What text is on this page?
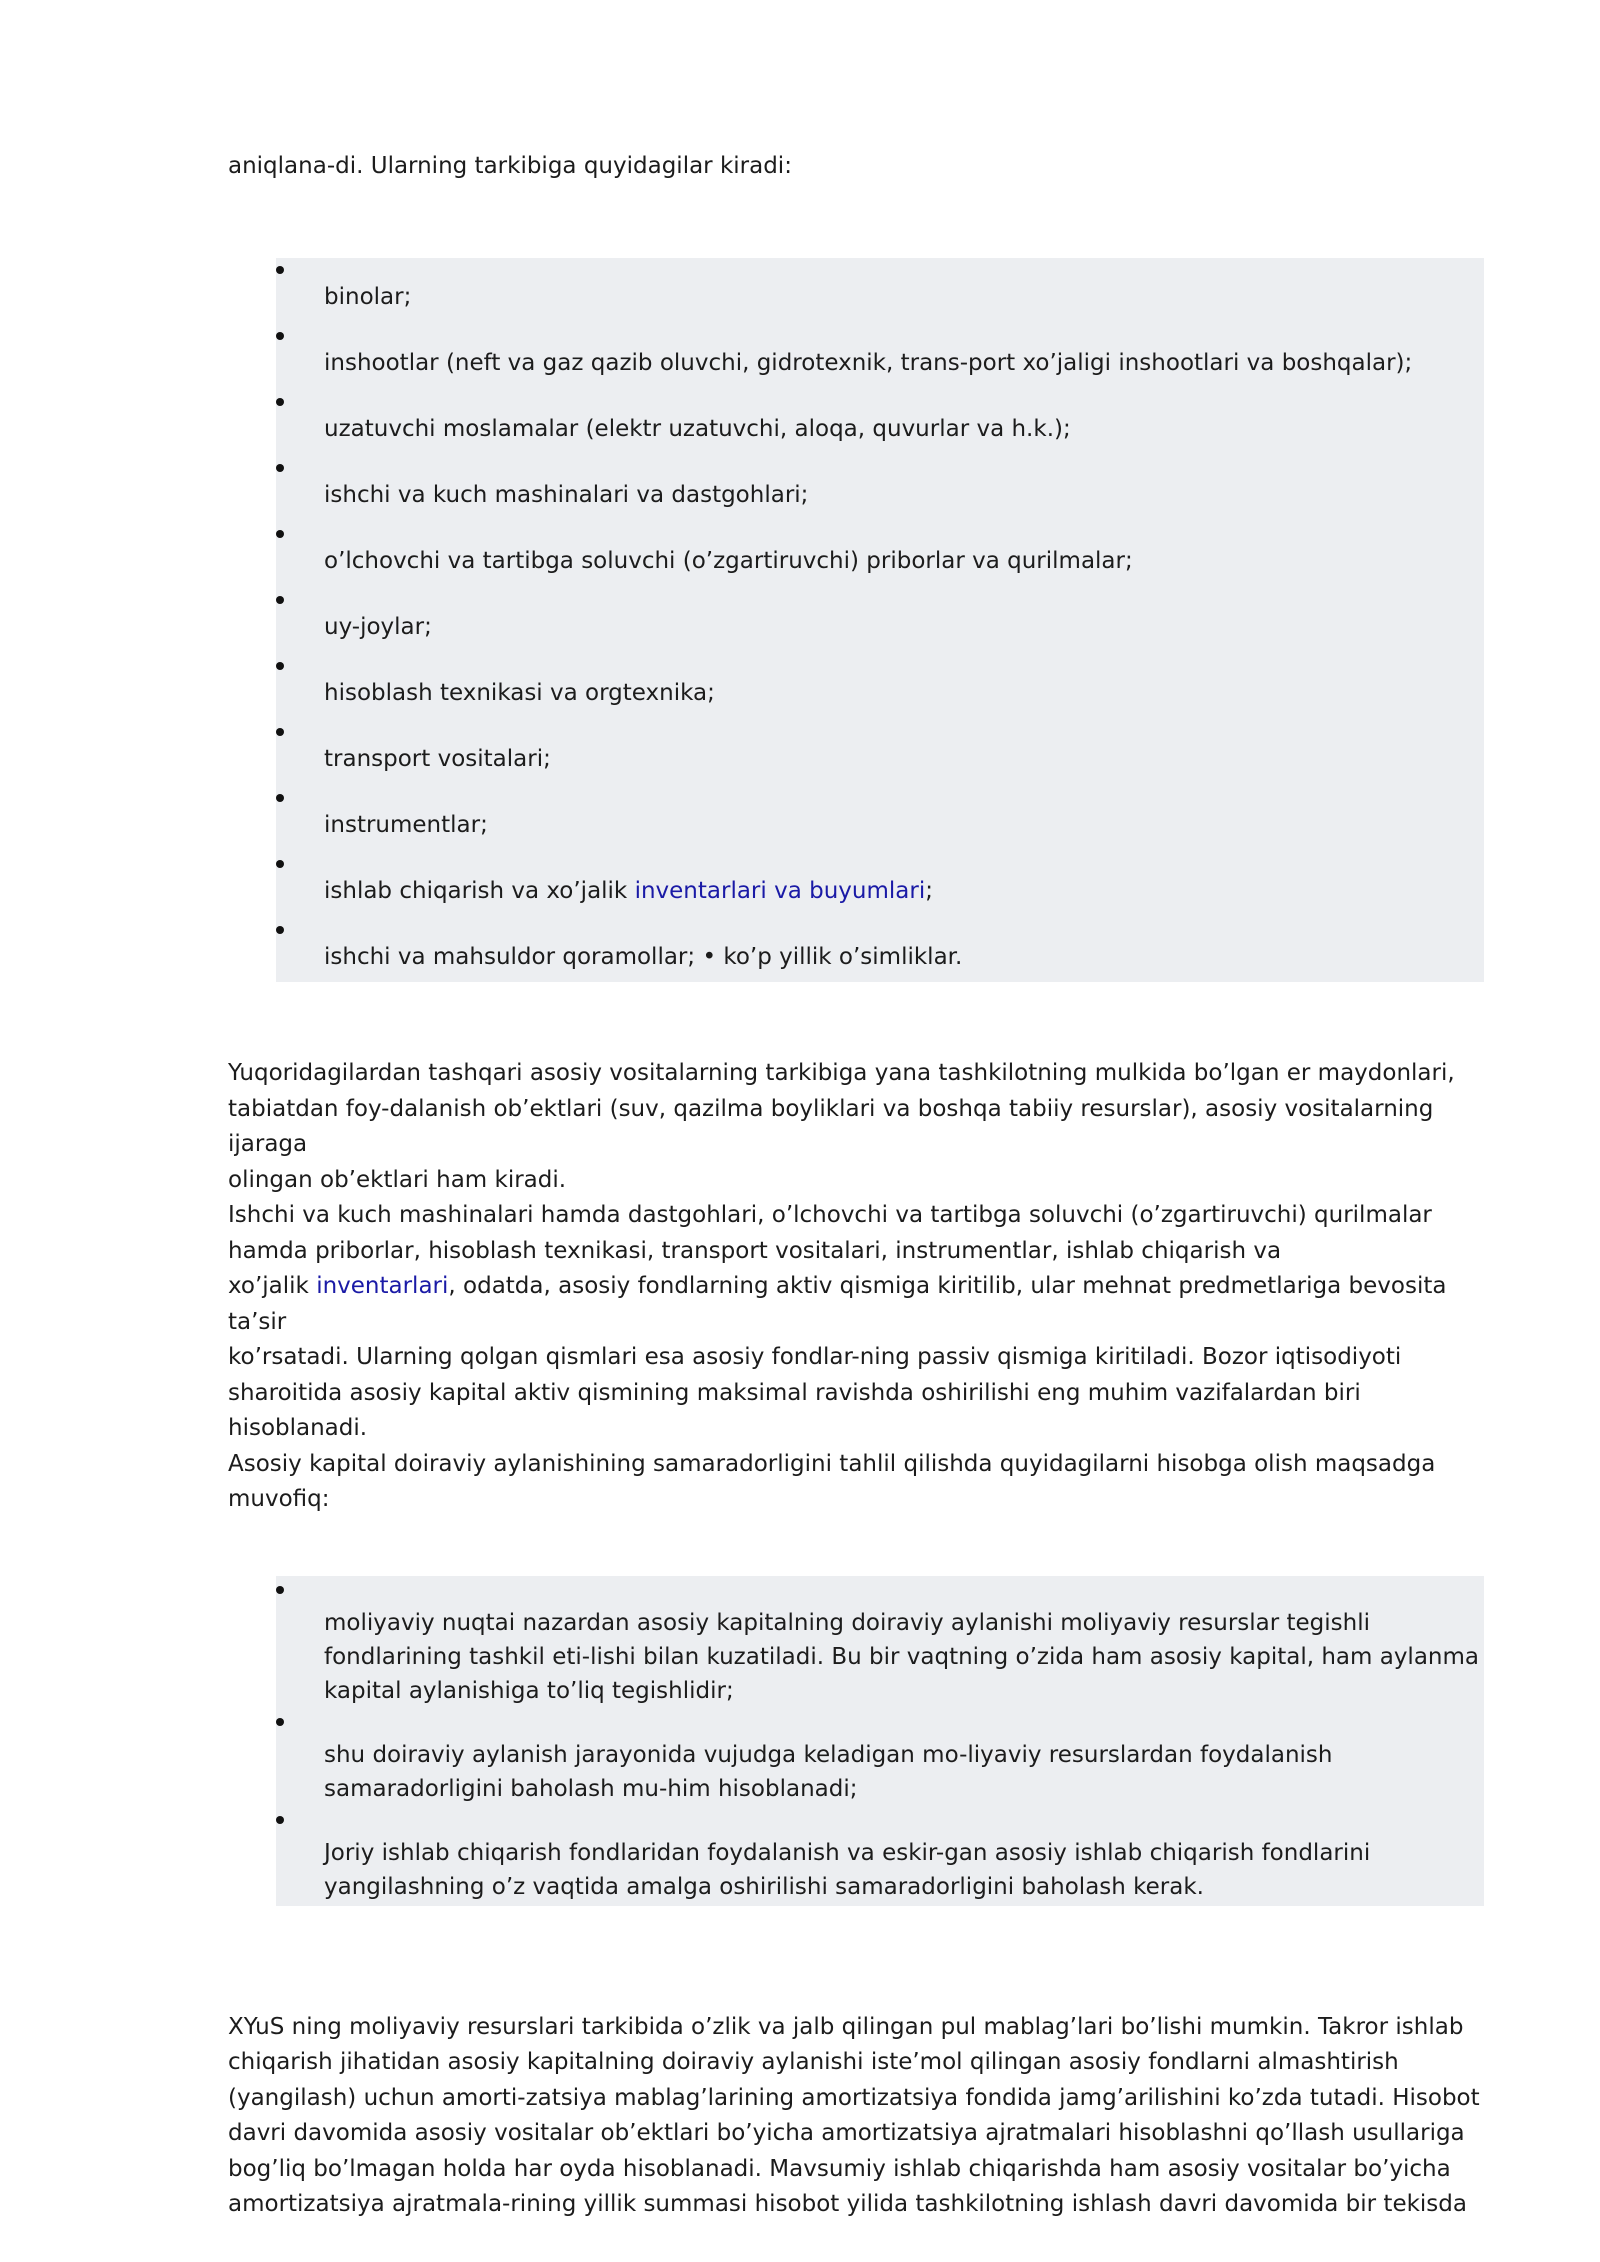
aniqlana-di. Ularning tarkibiga quyidagilar kiradi:

binolar;
inshootlar (neft va gaz qazib oluvchi, gidrotexnik, trans-port xo’jaligi inshootlari va boshqalar);
uzatuvchi moslamalar (elektr uzatuvchi, aloqa, quvurlar va h.k.);
ishchi va kuch mashinalari va dastgohlari;
o’lchovchi va tartibga soluvchi (o’zgartiruvchi) priborlar va qurilmalar;
uy-joylar;
hisoblash texnikasi va orgtexnika;
transport vositalari;
instrumentlar;
ishlab chiqarish va xo’jalik inventarlari va buyumlari;
ishchi va mahsuldor qoramollar; • ko’p yillik o’simliklar.

Yuqoridagilardan tashqari asosiy vositalarning tarkibiga yana tashkilotning mulkida bo’lgan er maydonlari,
tabiatdan foy-dalanish ob’ektlari (suv, qazilma boyliklari va boshqa tabiiy resurslar), asosiy vositalarning ijaraga
olingan ob’ektlari ham kiradi.

Ishchi va kuch mashinalari hamda dastgohlari, o’lchovchi va tartibga soluvchi (o’zgartiruvchi) qurilmalar
hamda priborlar, hisoblash texnikasi, transport vositalari, instrumentlar, ishlab chiqarish va
xo’jalik inventarlari, odatda, asosiy fondlarning aktiv qismiga kiritilib, ular mehnat predmetlariga bevosita ta’sir
ko’rsatadi. Ularning qolgan qismlari esa asosiy fondlar-ning passiv qismiga kiritiladi. Bozor iqtisodiyoti
sharoitida asosiy kapital aktiv qismining maksimal ravishda oshirilishi eng muhim vazifalardan biri hisoblanadi.
Asosiy kapital doiraviy aylanishining samaradorligini tahlil qilishda quyidagilarni hisobga olish maqsadga
muvofiq:

moliyaviy nuqtai nazardan asosiy kapitalning doiraviy aylanishi moliyaviy resurslar tegishli
fondlarining tashkil eti-lishi bilan kuzatiladi. Bu bir vaqtning o’zida ham asosiy kapital, ham aylanma
kapital aylanishiga to’liq tegishlidir;
shu doiraviy aylanish jarayonida vujudga keladigan mo-liyaviy resurslardan foydalanish
samaradorligini baholash mu-him hisoblanadi;
Joriy ishlab chiqarish fondlaridan foydalanish va eskir-gan asosiy ishlab chiqarish fondlarini
yangilashning o’z vaqtida amalga oshirilishi samaradorligini baholash kerak.

XYuS ning moliyaviy resurslari tarkibida o’zlik va jalb qilingan pul mablag’lari bo’lishi mumkin. Takror ishlab
chiqarish jihatidan asosiy kapitalning doiraviy aylanishi iste’mol qilingan asosiy fondlarni almashtirish
(yangilash) uchun amorti-zatsiya mablag’larining amortizatsiya fondida jamg’arilishini ko’zda tutadi. Hisobot
davri davomida asosiy vositalar ob’ektlari bo’yicha amortizatsiya ajratmalari hisoblashni qo’llash usullariga
bog’liq bo’lmagan holda har oyda hisoblanadi. Mavsumiy ishlab chiqarishda ham asosiy vositalar bo’yicha
amortizatsiya ajratmala-rining yillik summasi hisobot yilida tashkilotning ishlash davri davomida bir tekisda
